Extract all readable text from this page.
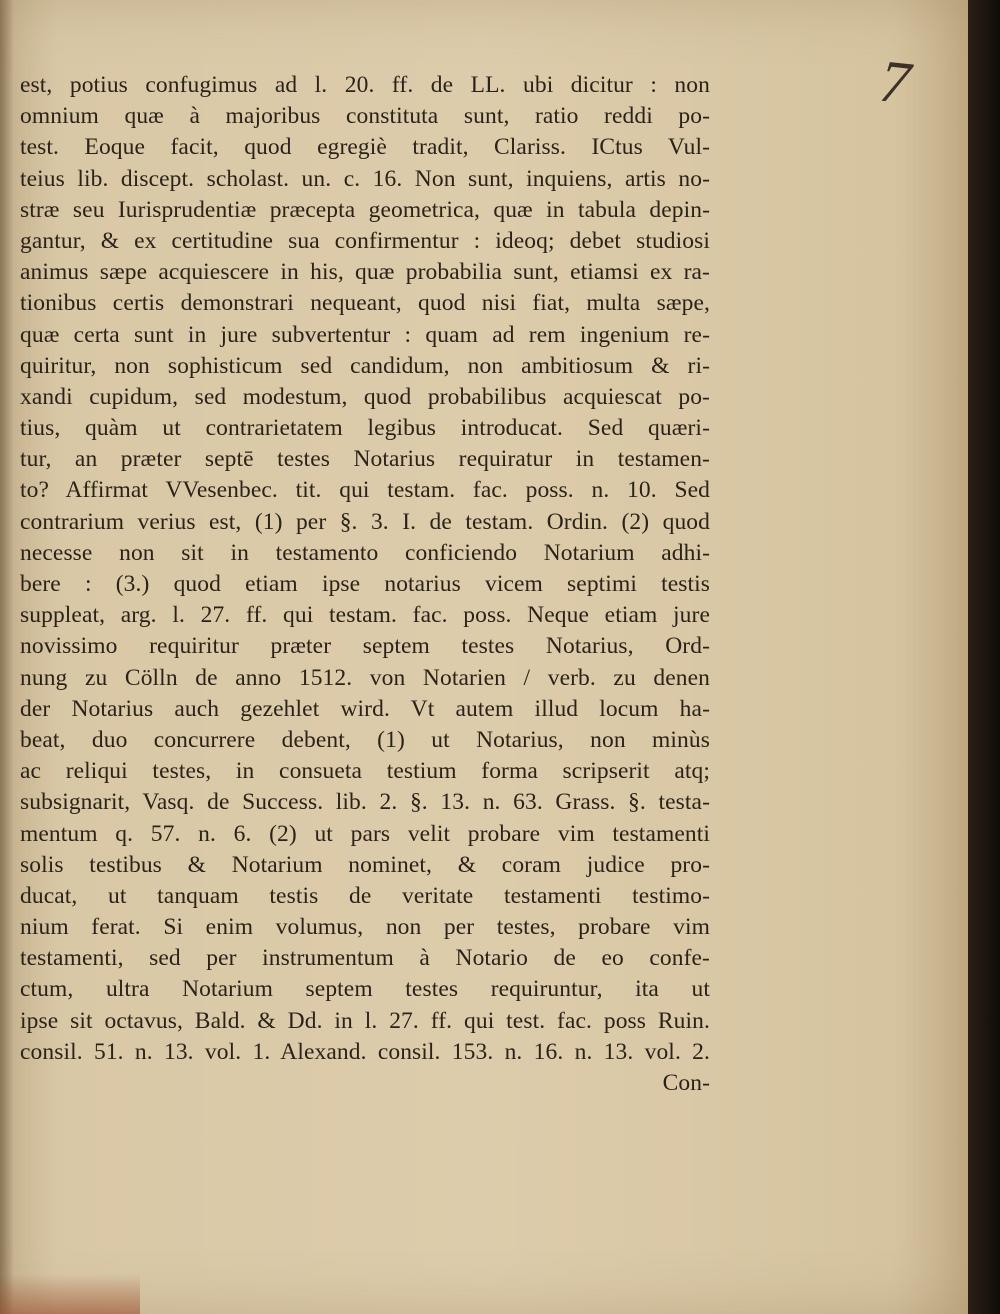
7
est, potius confugimus ad l. 20. ff. de LL. ubi dicitur : non
omnium quæ à majoribus constituta sunt, ratio reddi po-
test. Eoque facit, quod egregiè tradit, Clariss. ICtus Vul-
teius lib. discept. scholast. un. c. 16. Non sunt, inquiens, artis no-
stræ seu Iurisprudentiæ præcepta geometrica, quæ in tabula depin-
gantur, & ex certitudine sua confirmentur : ideoq; debet studiosi
animus sæpe acquiescere in his, quæ probabilia sunt, etiamsi ex ra-
tionibus certis demonstrari nequeant, quod nisi fiat, multa sæpe,
quæ certa sunt in jure subvertentur : quam ad rem ingenium re-
quiritur, non sophisticum sed candidum, non ambitiosum & ri-
xandi cupidum, sed modestum, quod probabilibus acquiescat po-
tius, quàm ut contrarietatem legibus introducat. Sed quæri-
tur, an præter septē testes Notarius requiratur in testamen-
to? Affirmat VVesenbec. tit. qui testam. fac. poss. n. 10. Sed
contrarium verius est, (1) per §. 3. I. de testam. Ordin. (2) quod
necesse non sit in testamento conficiendo Notarium adhi-
bere : (3.) quod etiam ipse notarius vicem septimi testis
suppleat, arg. l. 27. ff. qui testam. fac. poss. Neque etiam jure
novissimo requiritur præter septem testes Notarius, Ord-
nung zu Cölln de anno 1512. von Notarien / verb. zu denen
der Notarius auch gezehlet wird. Vt autem illud locum ha-
beat, duo concurrere debent, (1) ut Notarius, non minùs
ac reliqui testes, in consueta testium forma scripserit atq;
subsignarit, Vasq. de Success. lib. 2. §. 13. n. 63. Grass. §. testa-
mentum q. 57. n. 6. (2) ut pars velit probare vim testamenti
solis testibus & Notarium nominet, & coram judice pro-
ducat, ut tanquam testis de veritate testamenti testimo-
nium ferat. Si enim volumus, non per testes, probare vim
testamenti, sed per instrumentum à Notario de eo confe-
ctum, ultra Notarium septem testes requiruntur, ita ut
ipse sit octavus, Bald. & Dd. in l. 27. ff. qui test. fac. poss Ruin.
consil. 51. n. 13. vol. 1. Alexand. consil. 153. n. 16. n. 13. vol. 2.
Con-
